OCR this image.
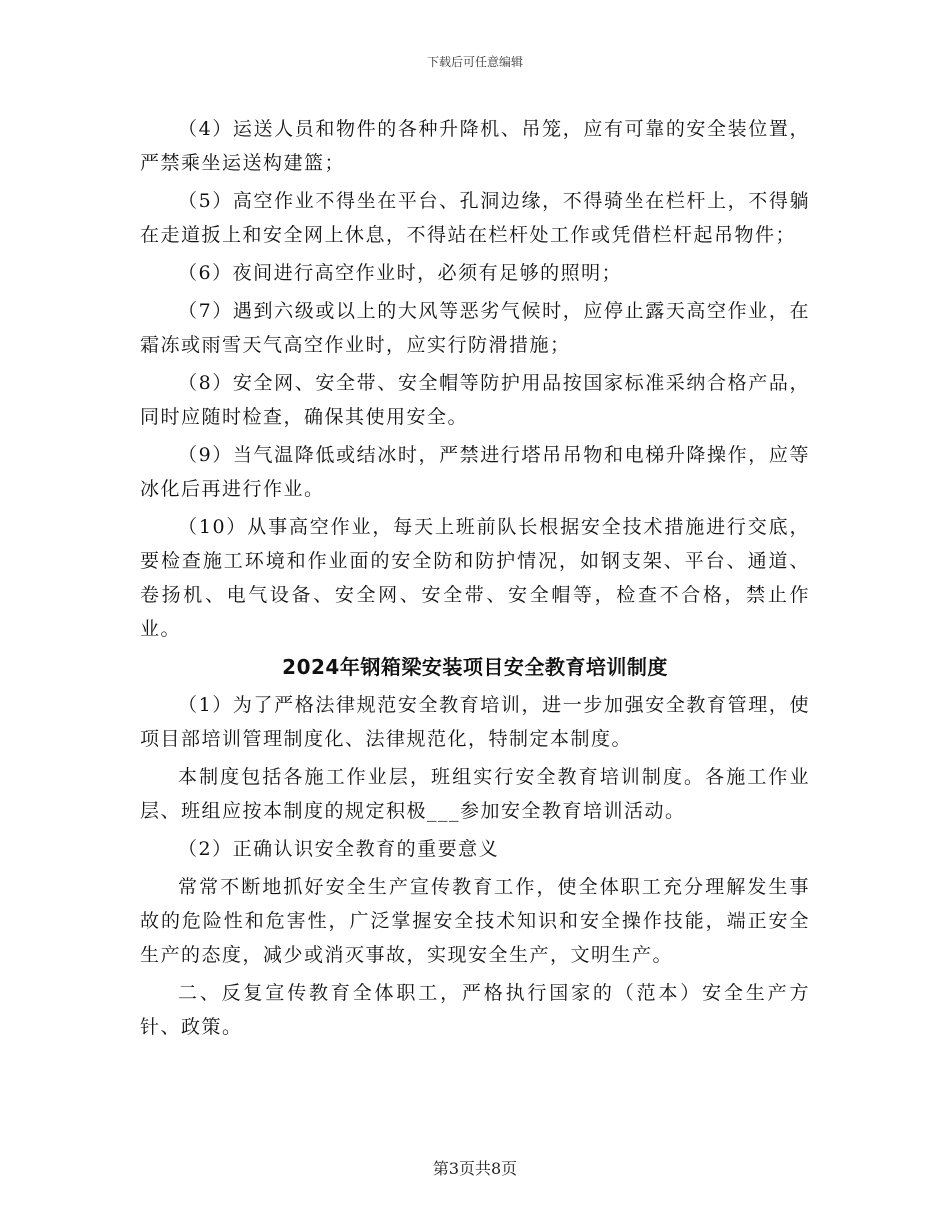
下载后可任意编辑

（4）运送人员和物件的各种升降机、吊笼，应有可靠的安全装位置，严禁乘坐运送构建篮；

（5）高空作业不得坐在平台、孔洞边缘，不得骑坐在栏杆上，不得躺在走道扳上和安全网上休息，不得站在栏杆处工作或凭借栏杆起吊物件；

（6）夜间进行高空作业时，必须有足够的照明；

（7）遇到六级或以上的大风等恶劣气候时，应停止露天高空作业，在霜冻或雨雪天气高空作业时，应实行防滑措施；

（8）安全网、安全带、安全帽等防护用品按国家标准采纳合格产品，同时应随时检查，确保其使用安全。

（9）当气温降低或结冰时，严禁进行塔吊吊物和电梯升降操作，应等冰化后再进行作业。

（10）从事高空作业，每天上班前队长根据安全技术措施进行交底，要检查施工环境和作业面的安全防和防护情况，如钢支架、平台、通道、卷扬机、电气设备、安全网、安全带、安全帽等，检查不合格，禁止作业。

2024年钢箱梁安装项目安全教育培训制度

（1）为了严格法律规范安全教育培训，进一步加强安全教育管理，使项目部培训管理制度化、法律规范化，特制定本制度。

本制度包括各施工作业层，班组实行安全教育培训制度。各施工作业层、班组应按本制度的规定积极___参加安全教育培训活动。

（2）正确认识安全教育的重要意义

常常不断地抓好安全生产宣传教育工作，使全体职工充分理解发生事故的危险性和危害性，广泛掌握安全技术知识和安全操作技能，端正安全生产的态度，减少或消灭事故，实现安全生产，文明生产。

二、反复宣传教育全体职工，严格执行国家的（范本）安全生产方针、政策。

第3页共8页
